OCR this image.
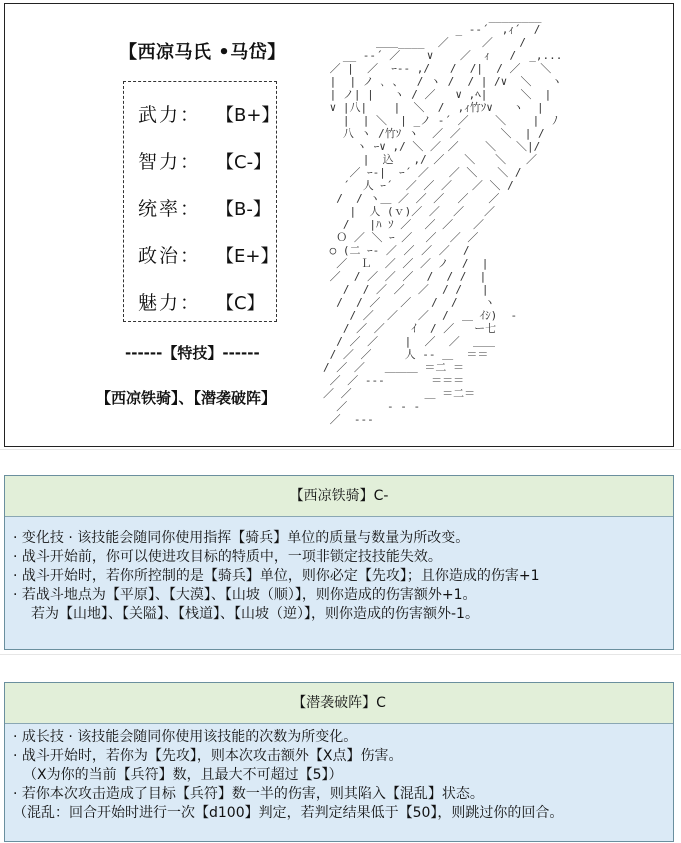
【西凉马氏 •马岱】
武力： 【B+】
智力： 【C-】
统率： 【B-】
政治： 【E+】
魅力： 【C】
------【特技】------
【西凉铁骑】、【潜袭破阵】
________
_ -‐´  ,ｨ´  /
＿＿____  ／     ／    /
__ -‐´ ／    ∨    ／  ｨ   /  _,...
／ |  ／  ｰ‐- ,/   /  /|  / ／   ＼
|  | ノ ､ 、  / ヽ /  / | /∨  ＼   ヽ
| ノ| |   ヽ / ／   ∨ ,ﾍ|     ＼  |
∨ |八|    |  ＼  /  ,ｨ竹ｿ∨   ヽ  |
|  | ＼  | _ノ ‐´ ／    ＼    |  ﾉ
八 ヽ /竹ｿ ヽ  ／ ／      ＼  | /
ヽ ｰ∨ ,/ ＼ ／ ／    ＼   ＼|/
|  込   ,/ ／   ＼   ＼   ／
／ ｰ‐|  ｰ´ ／   ／ ＼   ＼ /
´  人 ｰ´  ／ ／ ／   ／ ＼ /
/  / ヽ＿ ／ ／ ／  ／   ／
|  人 (ｖ)／ ／  ／   ／
/   |ﾊ ｿ ／  ／ ／   ／
Ｏ ／ ＼ ｰ ／  ／  ／ ／
○ (二 ｰ‐ ／ ／ ／ ／  /
／  Ｌ  ／ ／ ／ ノ  /  |
／  / ／ ／ ／  /  / /  |
/  / ／ ／  ／  / /   |
/  / ／   ／   /  /    ヽ
/ ／  ／   ／  /  ＿ ｲｼ)  -
/ ／ ／    ｲ  / ／   ー七
/ ／ ／    |  ／  ／  ＿＿
/ ／ ／     人 ‐‐ ＿  ＝＝
/ ／ ／   ＿＿＿ ＝二 ＝
／ ／ ‐‐‐       ＝＝＝
／ ／           ＿ ＝二＝
／      ‐ ‐ ‐
／  ‐‐‐

【西凉铁骑】C-
· 变化技 · 该技能会随同你使用指挥【骑兵】单位的质量与数量为所改变。
· 战斗开始前，你可以使进攻目标的特质中，一项非锁定技技能失效。
· 战斗开始时，若你所控制的是【骑兵】单位，则你必定【先攻】；且你造成的伤害+1
· 若战斗地点为【平原】、【大漠】、【山坡（顺）】，则你造成的伤害额外+1。
若为【山地】、【关隘】、【栈道】、【山坡（逆）】，则你造成的伤害额外-1。
【潜袭破阵】C
· 成长技 · 该技能会随同你使用该技能的次数为所变化。
· 战斗开始时，若你为【先攻】，则本次攻击额外【X点】伤害。
（X为你的当前【兵符】数，且最大不可超过【5】）
· 若你本次攻击造成了目标【兵符】数一半的伤害，则其陷入【混乱】状态。
（混乱：回合开始时进行一次【d100】判定，若判定结果低于【50】，则跳过你的回合。
